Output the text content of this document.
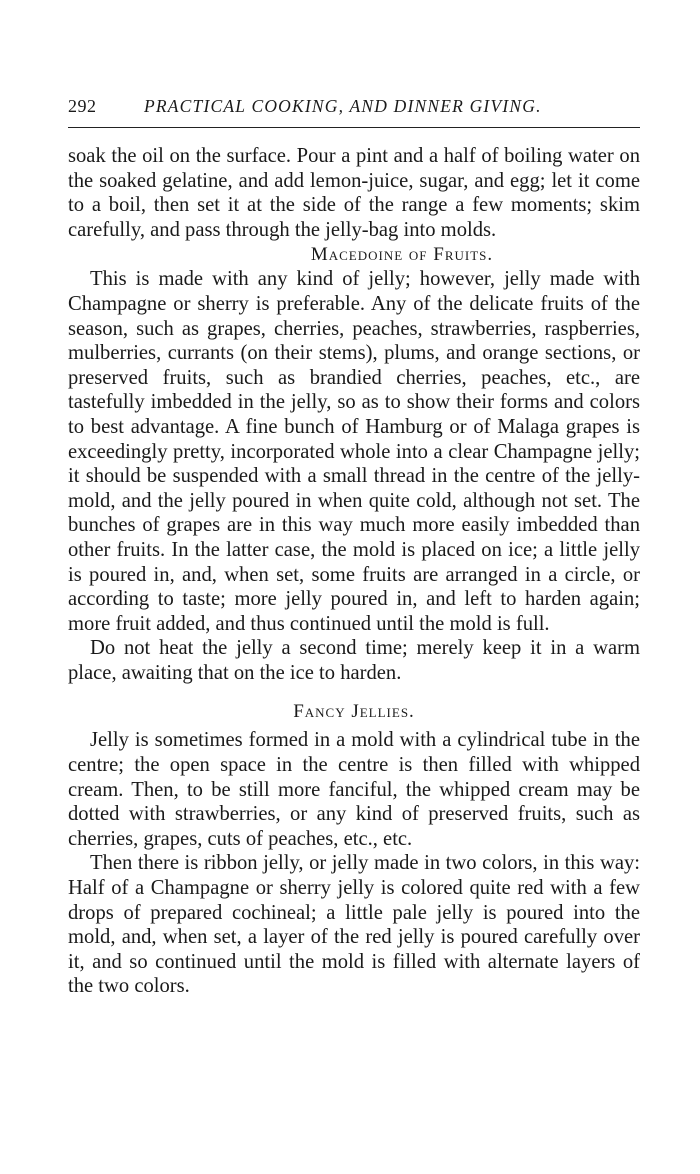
292	PRACTICAL COOKING, AND DINNER GIVING.

soak the oil on the surface. Pour a pint and a half of boiling water on the soaked gelatine, and add lemon-juice, sugar, and egg; let it come to a boil, then set it at the side of the range a few moments; skim carefully, and pass through the jelly-bag into molds.

Macedoine of Fruits.

This is made with any kind of jelly; however, jelly made with Champagne or sherry is preferable. Any of the delicate fruits of the season, such as grapes, cherries, peaches, strawberries, raspberries, mulberries, currants (on their stems), plums, and orange sections, or preserved fruits, such as brandied cherries, peaches, etc., are tastefully imbedded in the jelly, so as to show their forms and colors to best advantage. A fine bunch of Hamburg or of Malaga grapes is exceedingly pretty, incorporated whole into a clear Champagne jelly; it should be suspended with a small thread in the centre of the jelly-mold, and the jelly poured in when quite cold, although not set. The bunches of grapes are in this way much more easily imbedded than other fruits. In the latter case, the mold is placed on ice; a little jelly is poured in, and, when set, some fruits are arranged in a circle, or according to taste; more jelly poured in, and left to harden again; more fruit added, and thus continued until the mold is full.

Do not heat the jelly a second time; merely keep it in a warm place, awaiting that on the ice to harden.

Fancy Jellies.

Jelly is sometimes formed in a mold with a cylindrical tube in the centre; the open space in the centre is then filled with whipped cream. Then, to be still more fanciful, the whipped cream may be dotted with strawberries, or any kind of preserved fruits, such as cherries, grapes, cuts of peaches, etc., etc.

Then there is ribbon jelly, or jelly made in two colors, in this way: Half of a Champagne or sherry jelly is colored quite red with a few drops of prepared cochineal; a little pale jelly is poured into the mold, and, when set, a layer of the red jelly is poured carefully over it, and so continued until the mold is filled with alternate layers of the two colors.
